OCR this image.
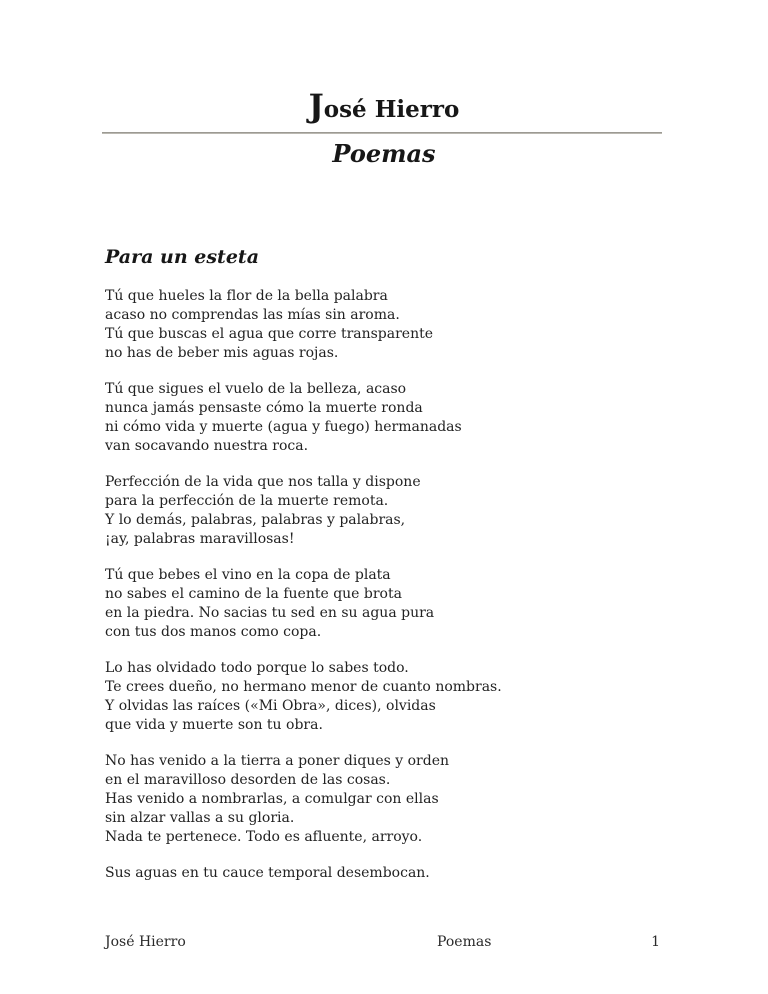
José Hierro
Poemas
Para un esteta
Tú que hueles la flor de la bella palabra
acaso no comprendas las mías sin aroma.
Tú que buscas el agua que corre transparente
no has de beber mis aguas rojas.
Tú que sigues el vuelo de la belleza, acaso
nunca jamás pensaste cómo la muerte ronda
ni cómo vida y muerte (agua y fuego) hermanadas
van socavando nuestra roca.
Perfección de la vida que nos talla y dispone
para la perfección de la muerte remota.
Y lo demás, palabras, palabras y palabras,
¡ay, palabras maravillosas!
Tú que bebes el vino en la copa de plata
no sabes el camino de la fuente que brota
en la piedra. No sacias tu sed en su agua pura
con tus dos manos como copa.
Lo has olvidado todo porque lo sabes todo.
Te crees dueño, no hermano menor de cuanto nombras.
Y olvidas las raíces («Mi Obra», dices), olvidas
que vida y muerte son tu obra.
No has venido a la tierra a poner diques y orden
en el maravilloso desorden de las cosas.
Has venido a nombrarlas, a comulgar con ellas
sin alzar vallas a su gloria.
Nada te pertenece. Todo es afluente, arroyo.
Sus aguas en tu cauce temporal desembocan.
José Hierro	Poemas	1
